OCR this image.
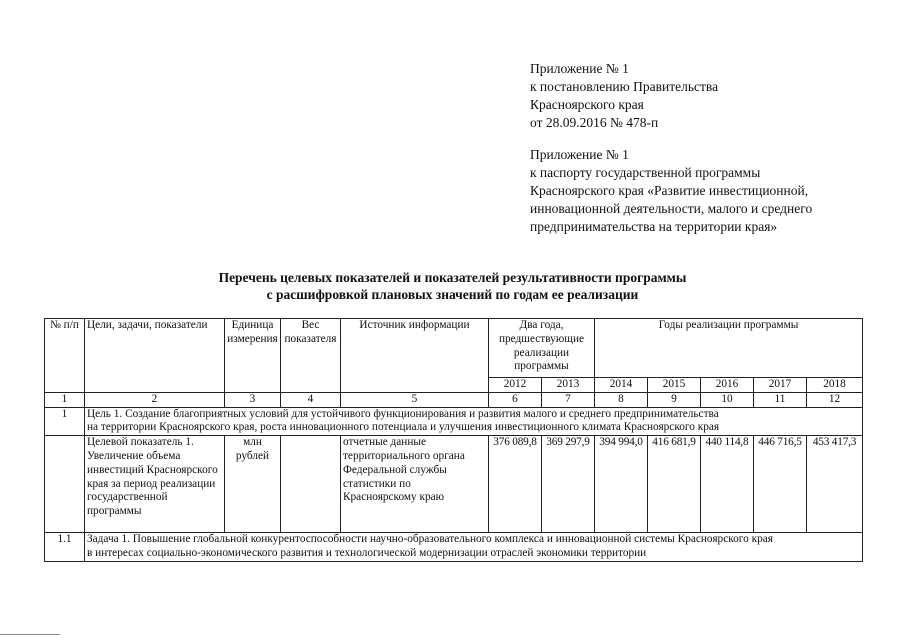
Приложение № 1
к постановлению Правительства
Красноярского края
от 28.09.2016 № 478-п
Приложение № 1
к паспорту государственной программы
Красноярского края «Развитие инвестиционной,
инновационной деятельности, малого и среднего
предпринимательства на территории края»
Перечень целевых показателей и показателей результативности программы
с расшифровкой плановых значений по годам ее реализации
№ п/п	Цели, задачи, показатели	Единица измерения	Вес показателя	Источник информации	Два года, предшествующие реализации программы		Годы реализации программы				
					2012	2013	2014	2015	2016	2017	2018
1	2	3	4	5	6	7	8	9	10	11	12
1	Цель 1. Создание благоприятных условий для устойчивого функционирования и развития малого и среднего предпринимательства
на территории Красноярского края, роста инновационного потенциала и улучшения инвестиционного климата Красноярского края										

	Целевой показатель 1. Увеличение объема инвестиций Красноярского края за период реализации государственной программы	млн рублей		отчетные данные территориального органа Федеральной службы статистики по Красноярскому краю	376 089,8	369 297,9	394 994,0	416 681,9	440 114,8	446 716,5	453 417,3
1.1	Задача 1. Повышение глобальной конкурентоспособности научно-образовательного комплекса и инновационной системы Красноярского края
в интересах социально-экономического развития и технологической модернизации отраслей экономики территории										
